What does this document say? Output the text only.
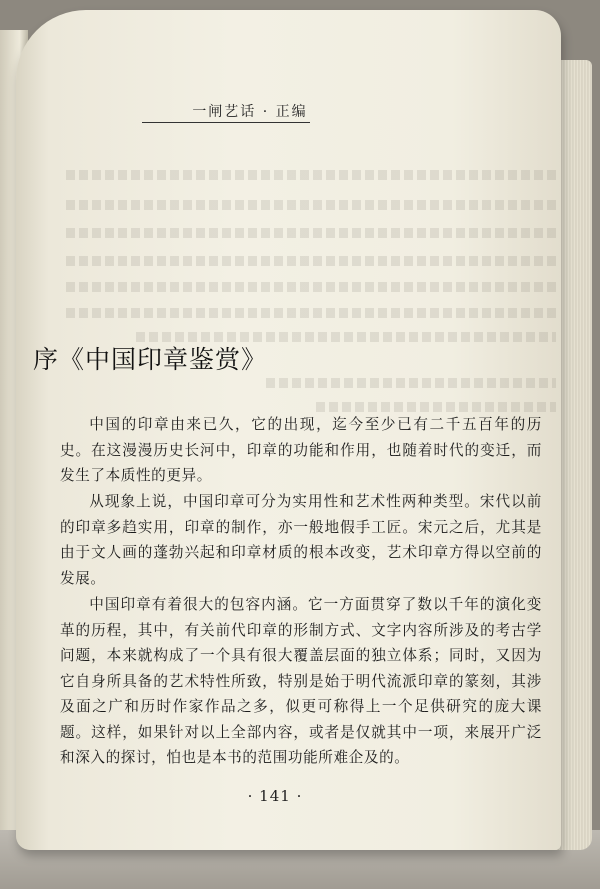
一闸艺话 · 正编
序《中国印章鉴赏》

中国的印章由来已久，它的出现，迄今至少已有二千五百年的历史。在这漫漫历史长河中，印章的功能和作用，也随着时代的变迁，而发生了本质性的更异。

从现象上说，中国印章可分为实用性和艺术性两种类型。宋代以前的印章多趋实用，印章的制作，亦一般地假手工匠。宋元之后，尤其是由于文人画的蓬勃兴起和印章材质的根本改变，艺术印章方得以空前的发展。

中国印章有着很大的包容内涵。它一方面贯穿了数以千年的演化变革的历程，其中，有关前代印章的形制方式、文字内容所涉及的考古学问题，本来就构成了一个具有很大覆盖层面的独立体系；同时，又因为它自身所具备的艺术特性所致，特别是始于明代流派印章的篆刻，其涉及面之广和历时作家作品之多，似更可称得上一个足供研究的庞大课题。这样，如果针对以上全部内容，或者是仅就其中一项，来展开广泛和深入的探讨，怕也是本书的范围功能所难企及的。

· 141 ·
